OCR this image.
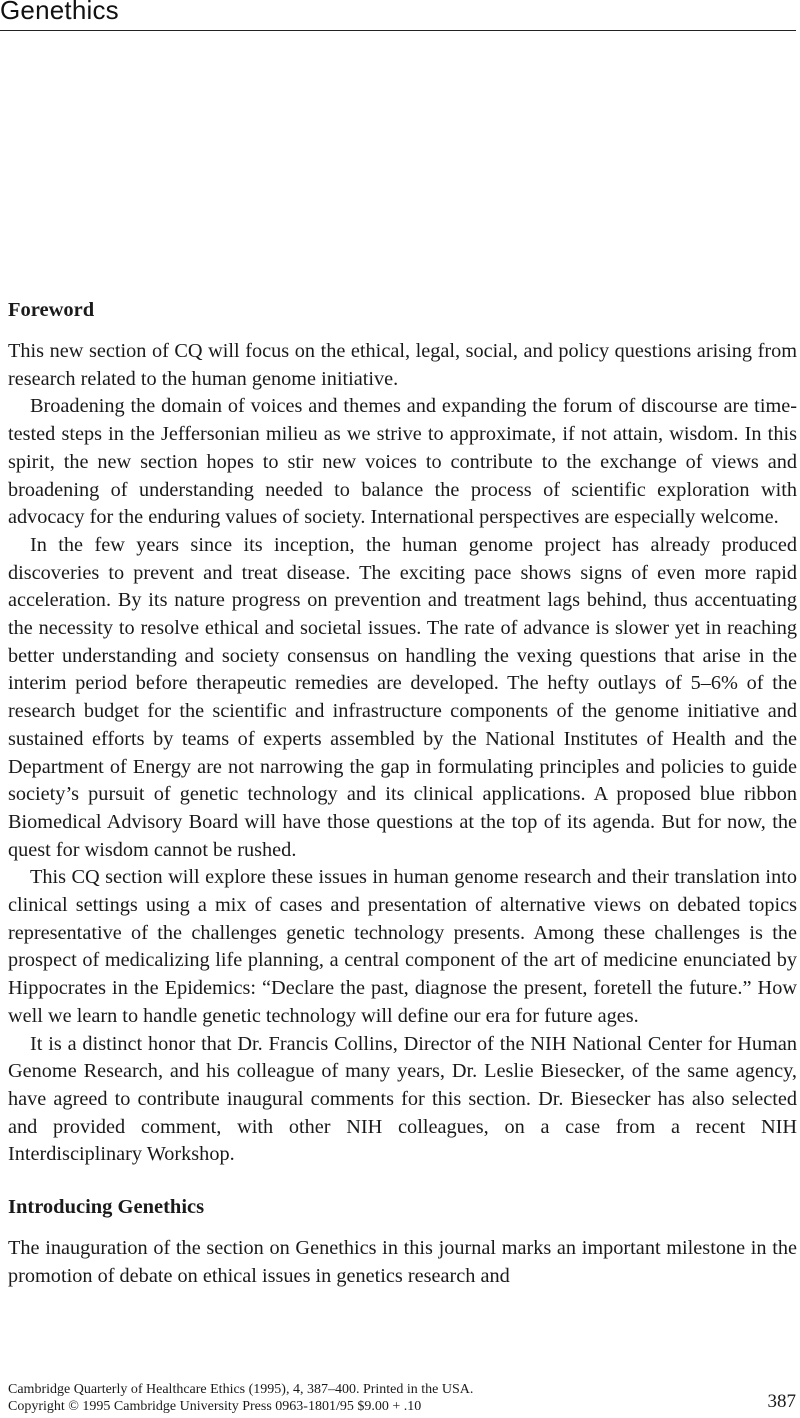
Genethics
Foreword

This new section of CQ will focus on the ethical, legal, social, and policy questions arising from research related to the human genome initiative.

Broadening the domain of voices and themes and expanding the forum of discourse are time-tested steps in the Jeffersonian milieu as we strive to approximate, if not attain, wisdom. In this spirit, the new section hopes to stir new voices to contribute to the exchange of views and broadening of understanding needed to balance the process of scientific exploration with advocacy for the enduring values of society. International perspectives are especially welcome.

In the few years since its inception, the human genome project has already produced discoveries to prevent and treat disease. The exciting pace shows signs of even more rapid acceleration. By its nature progress on prevention and treatment lags behind, thus accentuating the necessity to resolve ethical and societal issues. The rate of advance is slower yet in reaching better understanding and society consensus on handling the vexing questions that arise in the interim period before therapeutic remedies are developed. The hefty outlays of 5–6% of the research budget for the scientific and infrastructure components of the genome initiative and sustained efforts by teams of experts assembled by the National Institutes of Health and the Department of Energy are not narrowing the gap in formulating principles and policies to guide society’s pursuit of genetic technology and its clinical applications. A proposed blue ribbon Biomedical Advisory Board will have those questions at the top of its agenda. But for now, the quest for wisdom cannot be rushed.

This CQ section will explore these issues in human genome research and their translation into clinical settings using a mix of cases and presentation of alternative views on debated topics representative of the challenges genetic technology presents. Among these challenges is the prospect of medicalizing life planning, a central component of the art of medicine enunciated by Hippocrates in the Epidemics: “Declare the past, diagnose the present, foretell the future.” How well we learn to handle genetic technology will define our era for future ages.

It is a distinct honor that Dr. Francis Collins, Director of the NIH National Center for Human Genome Research, and his colleague of many years, Dr. Leslie Biesecker, of the same agency, have agreed to contribute inaugural comments for this section. Dr. Biesecker has also selected and provided comment, with other NIH colleagues, on a case from a recent NIH Interdisciplinary Workshop.

Introducing Genethics

The inauguration of the section on Genethics in this journal marks an important milestone in the promotion of debate on ethical issues in genetics research and

Cambridge Quarterly of Healthcare Ethics (1995), 4, 387–400. Printed in the USA.
Copyright © 1995 Cambridge University Press 0963-1801/95 $9.00 + .10	387
